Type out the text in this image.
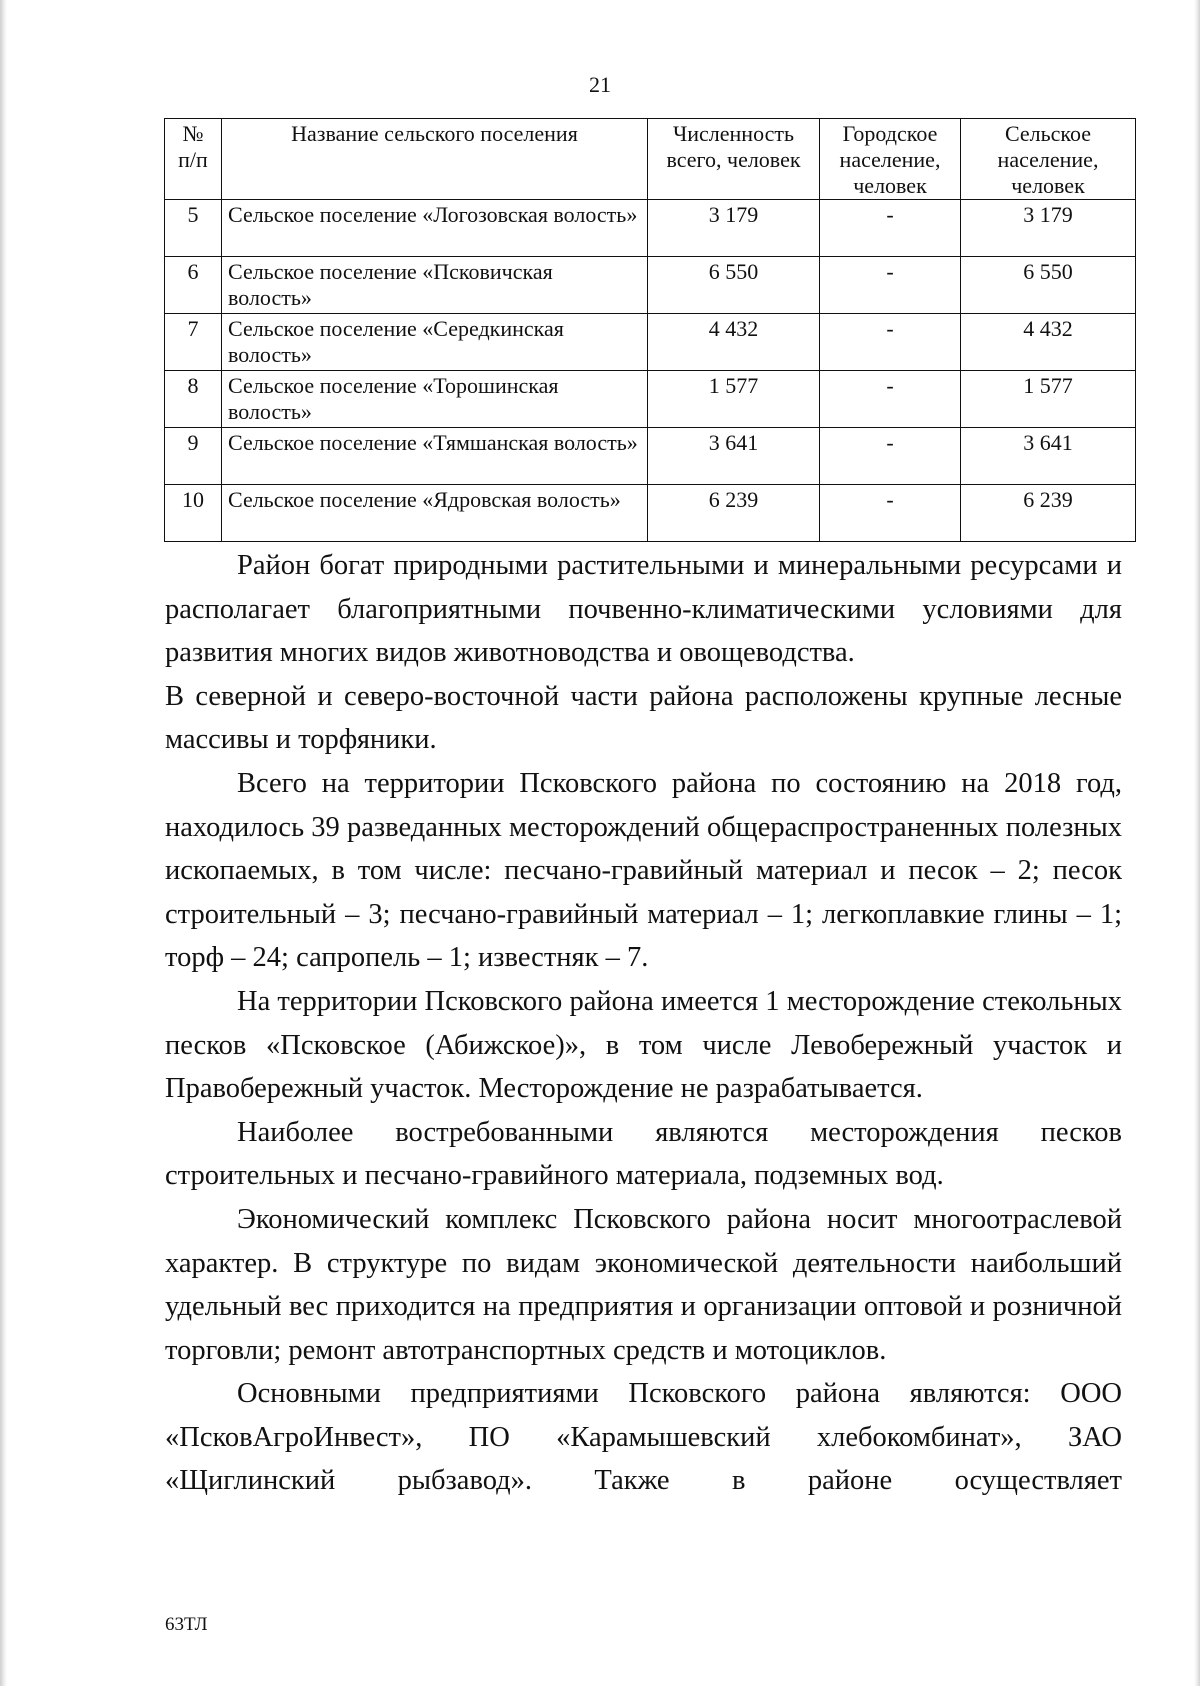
21
№ п/п	Название сельского поселения	Численность всего, человек	Городское население, человек	Сельское население, человек
5	Сельское поселение «Логозовская волость»	3 179	-	3 179
6	Сельское поселение «Псковичская волость»	6 550	-	6 550
7	Сельское поселение «Середкинская волость»	4 432	-	4 432
8	Сельское поселение «Торошинская волость»	1 577	-	1 577
9	Сельское поселение «Тямшанская волость»	3 641	-	3 641
10	Сельское поселение «Ядровская волость»	6 239	-	6 239

Район богат природными растительными и минеральными ресурсами и располагает благоприятными почвенно-климатическими условиями для развития многих видов животноводства и овощеводства.

В северной и северо-восточной части района расположены крупные лесные массивы и торфяники.

Всего на территории Псковского района по состоянию на 2018 год, находилось 39 разведанных месторождений общераспространенных полезных ископаемых, в том числе: песчано-гравийный материал и песок – 2; песок строительный – 3; песчано-гравийный материал – 1; легкоплавкие глины – 1; торф – 24; сапропель – 1; известняк – 7.

На территории Псковского района имеется 1 месторождение стекольных песков «Псковское (Абижское)», в том числе Левобережный участок и Правобережный участок. Месторождение не разрабатывается.

Наиболее востребованными являются месторождения песков строительных и песчано-гравийного материала, подземных вод.

Экономический комплекс Псковского района носит многоотраслевой характер. В структуре по видам экономической деятельности наибольший удельный вес приходится на предприятия и организации оптовой и розничной торговли; ремонт автотранспортных средств и мотоциклов.

Основными предприятиями Псковского района являются: ООО «ПсковАгроИнвест», ПО «Карамышевский хлебокомбинат», ЗАО «Щиглинский рыбзавод». Также в районе осуществляет

63ТЛ
